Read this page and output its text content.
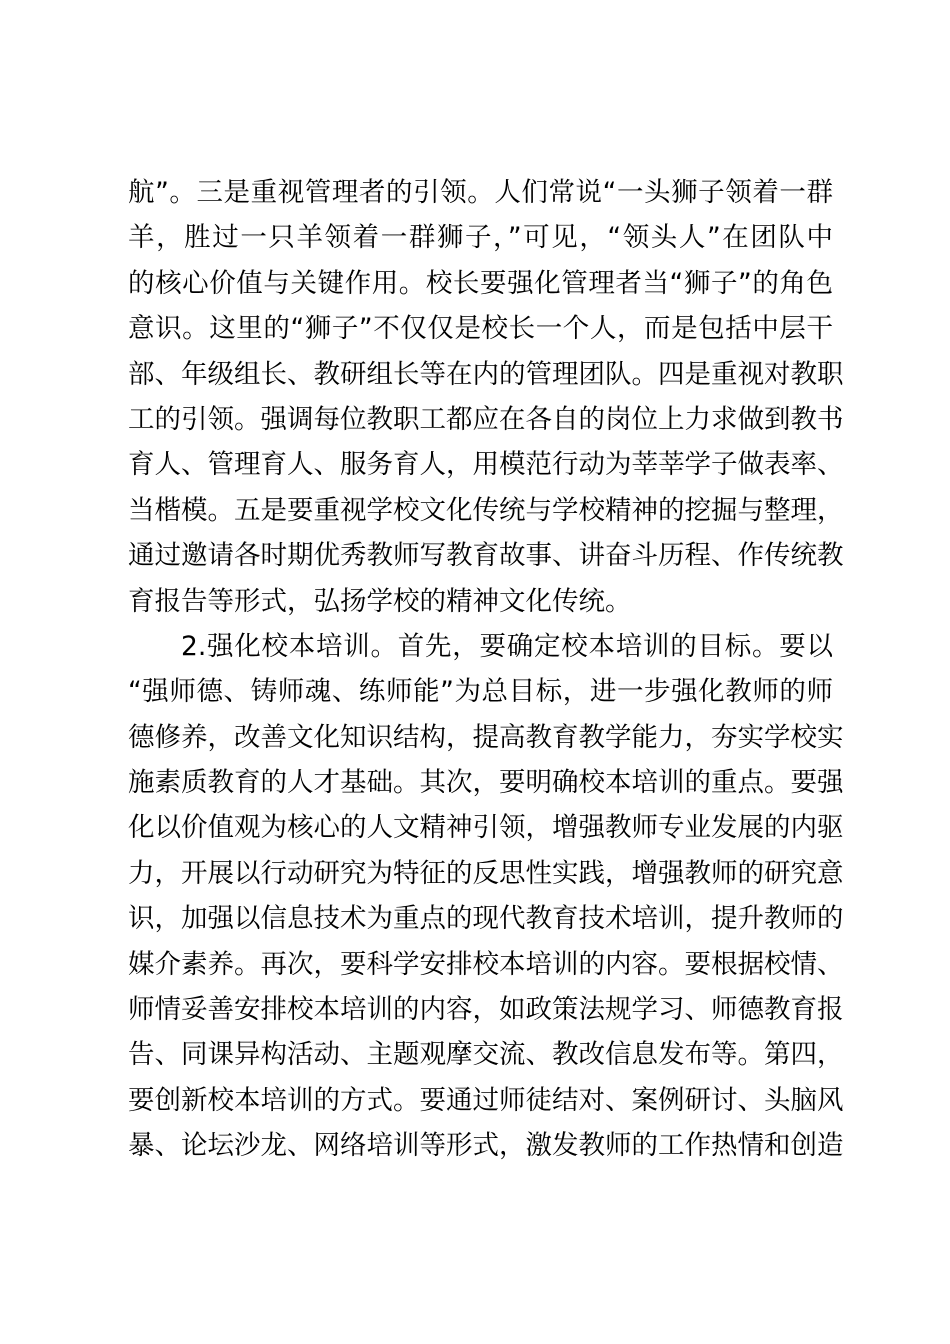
航”。三是重视管理者的引领。人们常说“一头狮子领着一群
羊，胜过一只羊领着一群狮子，”可见，“领头人”在团队中
的核心价值与关键作用。校长要强化管理者当“狮子”的角色
意识。这里的“狮子”不仅仅是校长一个人，而是包括中层干
部、年级组长、教研组长等在内的管理团队。四是重视对教职
工的引领。强调每位教职工都应在各自的岗位上力求做到教书
育人、管理育人、服务育人，用模范行动为莘莘学子做表率、
当楷模。五是要重视学校文化传统与学校精神的挖掘与整理，
通过邀请各时期优秀教师写教育故事、讲奋斗历程、作传统教
育报告等形式，弘扬学校的精神文化传统。
2.强化校本培训。首先，要确定校本培训的目标。要以
“强师德、铸师魂、练师能”为总目标，进一步强化教师的师
德修养，改善文化知识结构，提高教育教学能力，夯实学校实
施素质教育的人才基础。其次，要明确校本培训的重点。要强
化以价值观为核心的人文精神引领，增强教师专业发展的内驱
力，开展以行动研究为特征的反思性实践，增强教师的研究意
识，加强以信息技术为重点的现代教育技术培训，提升教师的
媒介素养。再次，要科学安排校本培训的内容。要根据校情、
师情妥善安排校本培训的内容，如政策法规学习、师德教育报
告、同课异构活动、主题观摩交流、教改信息发布等。第四，
要创新校本培训的方式。要通过师徒结对、案例研讨、头脑风
暴、论坛沙龙、网络培训等形式，激发教师的工作热情和创造
